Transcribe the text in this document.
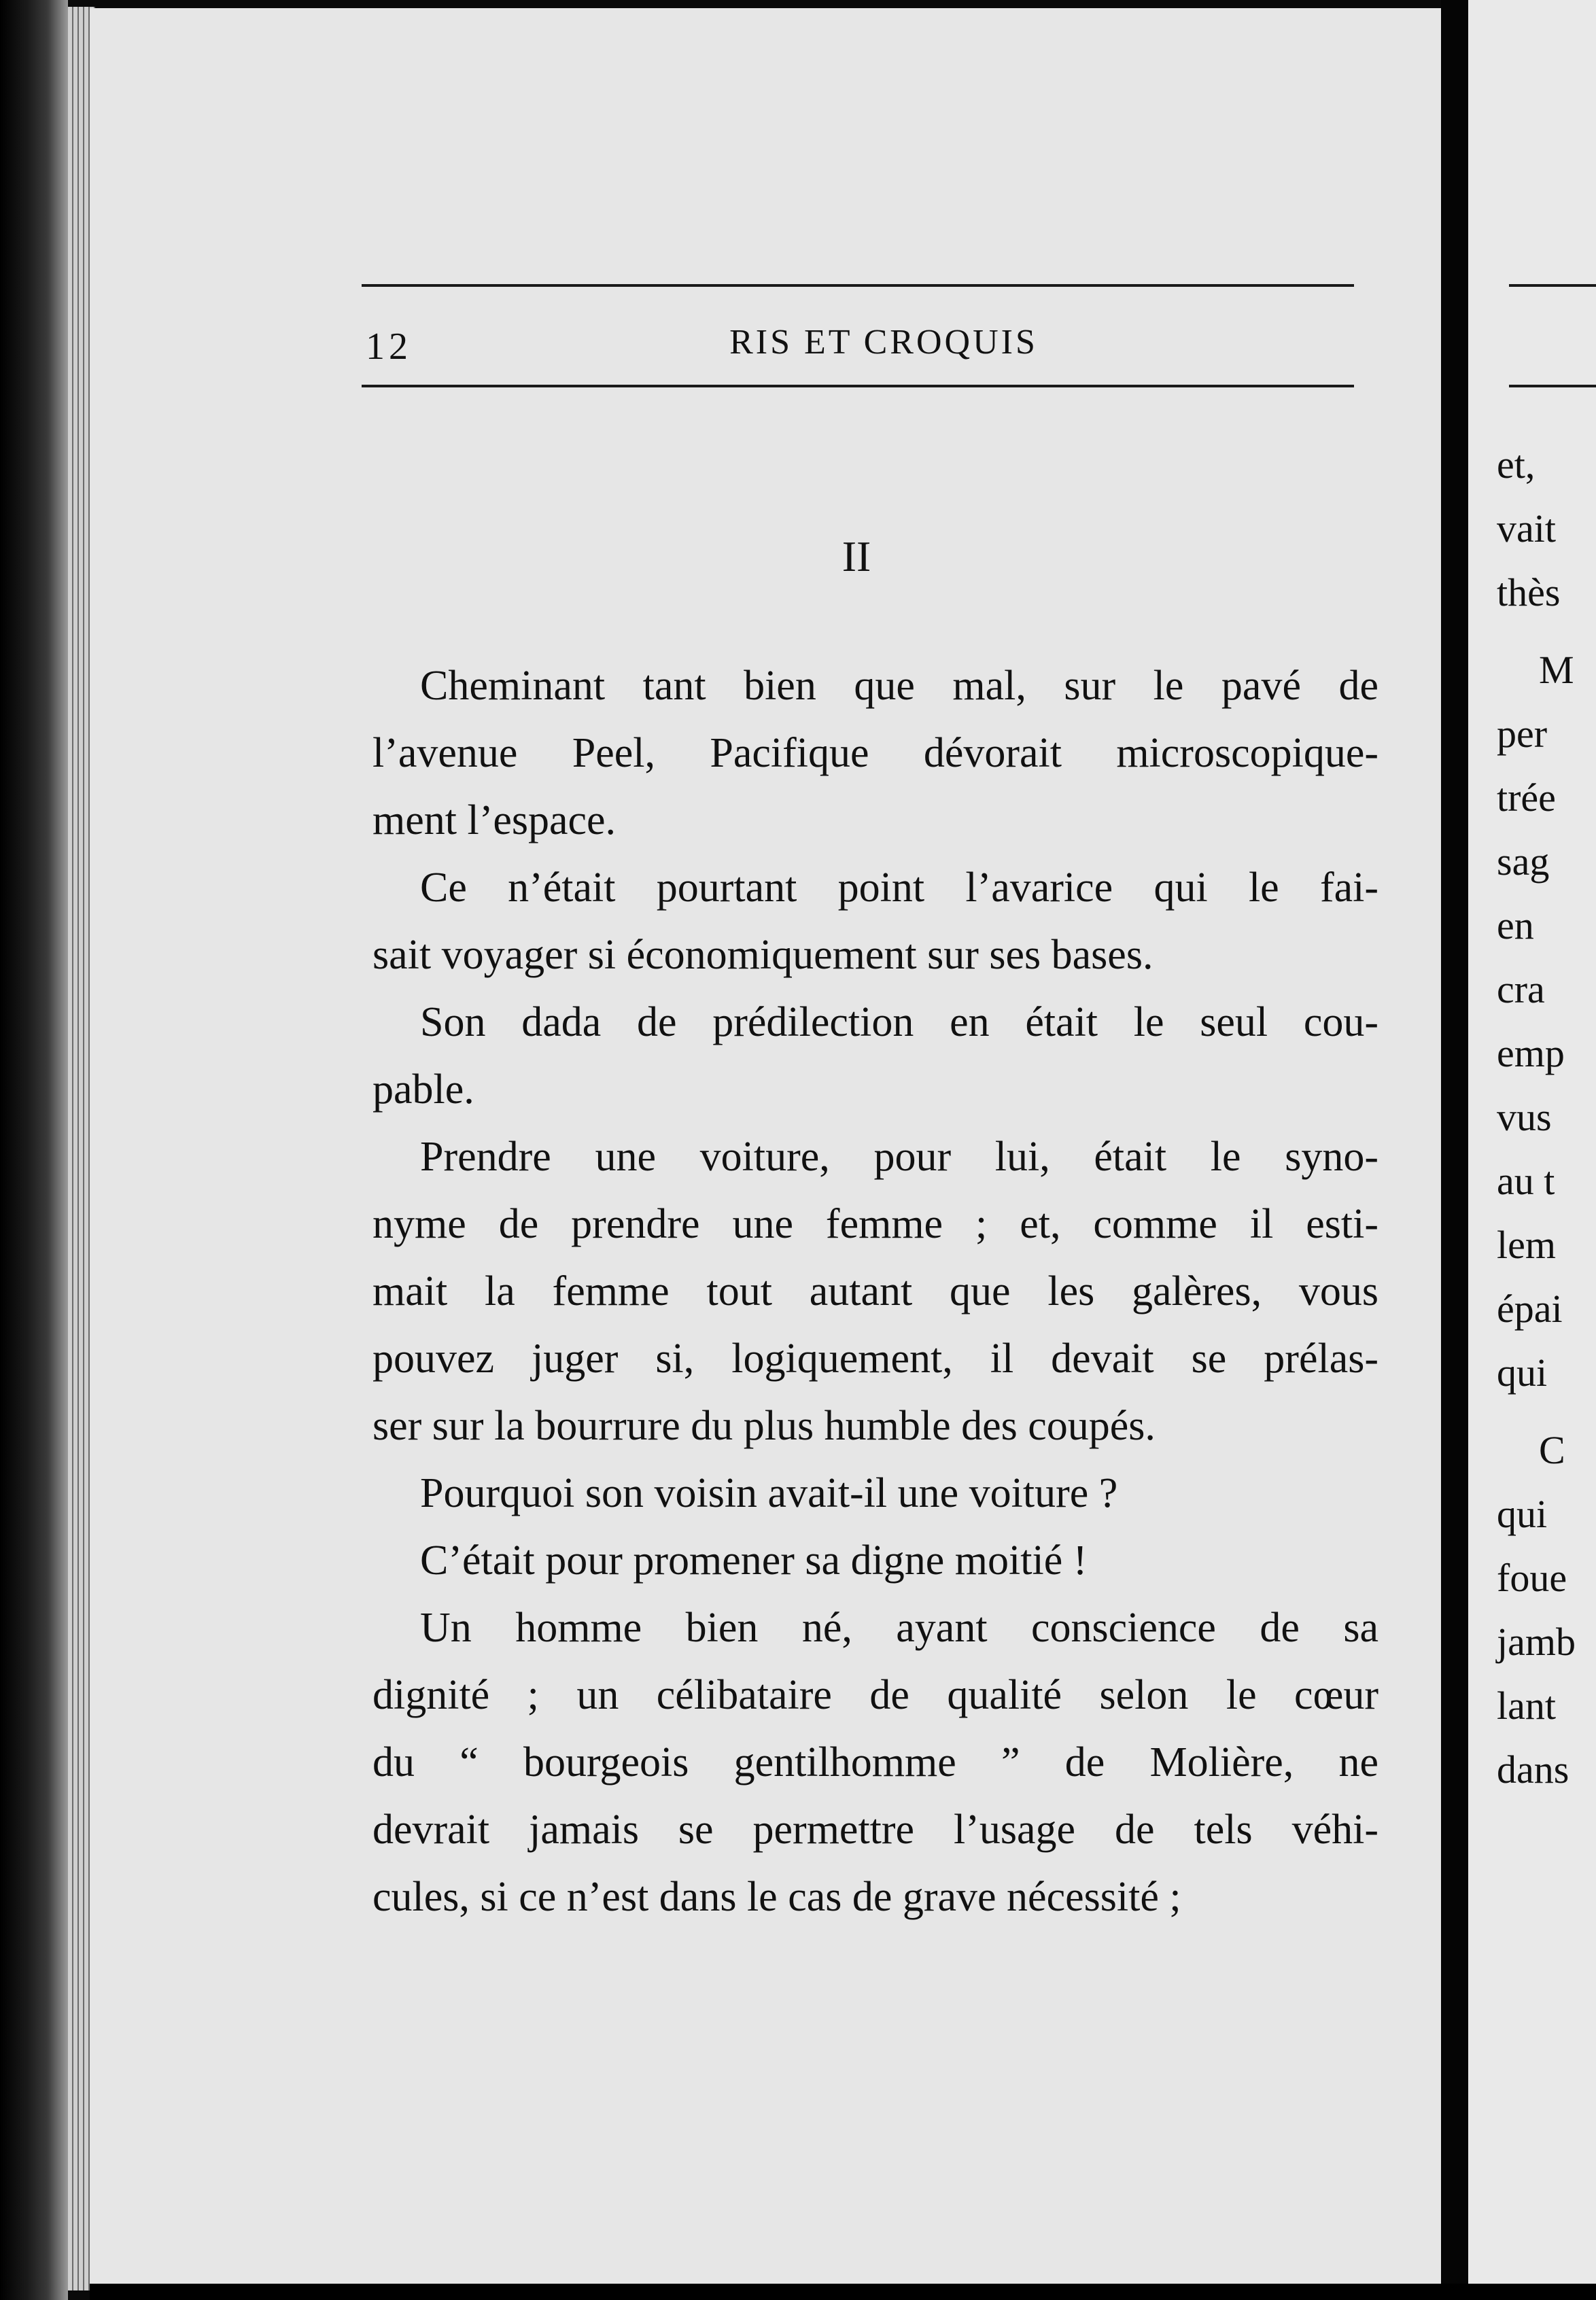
12	RIS ET CROQUIS
II
Cheminant tant bien que mal, sur le pavé de
l’avenue Peel, Pacifique dévorait microscopique-
ment l’espace.
Ce n’était pourtant point l’avarice qui le fai-
sait voyager si économiquement sur ses bases.
Son dada de prédilection en était le seul cou-
pable.
Prendre une voiture, pour lui, était le syno-
nyme de prendre une femme ; et, comme il esti-
mait la femme tout autant que les galères, vous
pouvez juger si, logiquement, il devait se prélas-
ser sur la bourrure du plus humble des coupés.
Pourquoi son voisin avait-il une voiture ?
C’était pour promener sa digne moitié !
Un homme bien né, ayant conscience de sa
dignité ; un célibataire de qualité selon le cœur
du “ bourgeois gentilhomme ” de Molière, ne
devrait jamais se permettre l’usage de tels véhi-
cules, si ce n’est dans le cas de grave nécessité ;
et,
vait
thès
M
per
trée
sag
en
cra
emp
vus
au t
lem
épai
qui
C
qui
foue
jamb
lant
dans
